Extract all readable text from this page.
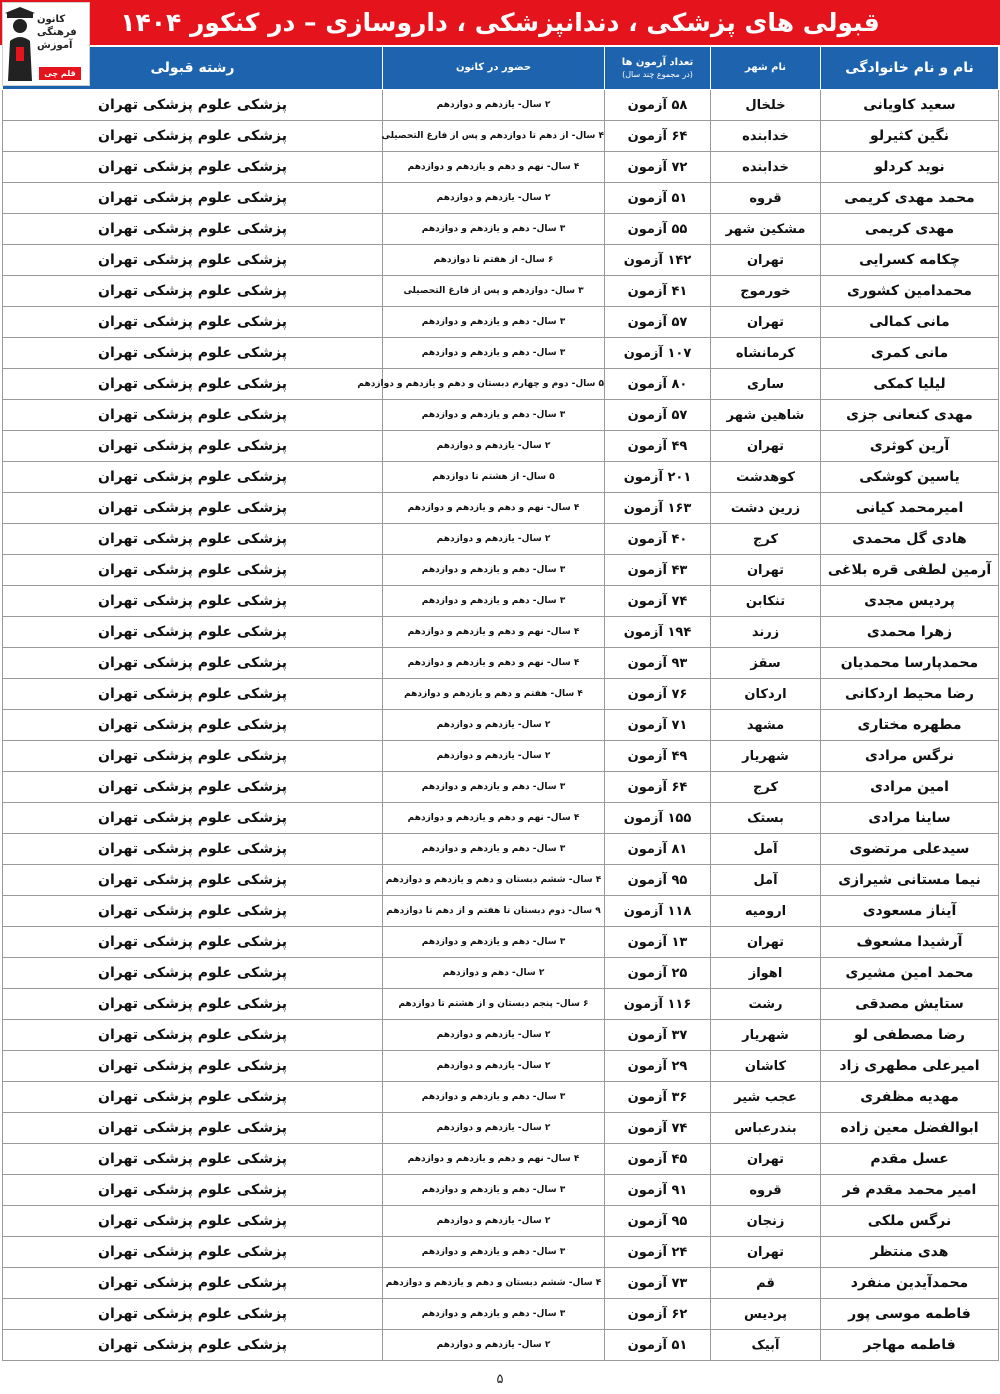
قبولی های پزشکی ، دندانپزشکی ، داروسازی – در کنکور ۱۴۰۴
کانون
فرهنگی
آموزش
قلم چی	نام و نام خانوادگی	نام شهر	تعداد آزمون ها
(در مجموع چند سال)	حضور در کانون	رشته قبولی
سعید کاویانی	خلخال	۵۸ آزمون	۲ سال- یازدهم و دوازدهم	پزشکی علوم پزشکی تهران
نگین کثیرلو	خدابنده	۶۴ آزمون	۴ سال- از دهم تا دوازدهم و پس از فارغ التحصیلی	پزشکی علوم پزشکی تهران
نوید کردلو	خدابنده	۷۲ آزمون	۴ سال- نهم و دهم و یازدهم و دوازدهم	پزشکی علوم پزشکی تهران
محمد مهدی کریمی	قروه	۵۱ آزمون	۲ سال- یازدهم و دوازدهم	پزشکی علوم پزشکی تهران
مهدی کریمی	مشکین شهر	۵۵ آزمون	۳ سال- دهم و یازدهم و دوازدهم	پزشکی علوم پزشکی تهران
چکامه کسرایی	تهران	۱۴۲ آزمون	۶ سال- از هفتم تا دوازدهم	پزشکی علوم پزشکی تهران
محمدامین کشوری	خورموج	۴۱ آزمون	۳ سال- دوازدهم و پس از فارغ التحصیلی	پزشکی علوم پزشکی تهران
مانی کمالی	تهران	۵۷ آزمون	۳ سال- دهم و یازدهم و دوازدهم	پزشکی علوم پزشکی تهران
مانی کمری	کرمانشاه	۱۰۷ آزمون	۳ سال- دهم و یازدهم و دوازدهم	پزشکی علوم پزشکی تهران
لیلیا کمکی	ساری	۸۰ آزمون	۵ سال- دوم و چهارم دبستان و دهم و یازدهم و دوازدهم	پزشکی علوم پزشکی تهران
مهدی کنعانی جزی	شاهین شهر	۵۷ آزمون	۳ سال- دهم و یازدهم و دوازدهم	پزشکی علوم پزشکی تهران
آرین کوثری	تهران	۴۹ آزمون	۲ سال- یازدهم و دوازدهم	پزشکی علوم پزشکی تهران
یاسین کوشکی	کوهدشت	۲۰۱ آزمون	۵ سال- از هشتم تا دوازدهم	پزشکی علوم پزشکی تهران
امیرمحمد کیانی	زرین دشت	۱۶۳ آزمون	۴ سال- نهم و دهم و یازدهم و دوازدهم	پزشکی علوم پزشکی تهران
هادی گل محمدی	کرج	۴۰ آزمون	۲ سال- یازدهم و دوازدهم	پزشکی علوم پزشکی تهران
آرمین لطفی قره بلاغی	تهران	۴۳ آزمون	۳ سال- دهم و یازدهم و دوازدهم	پزشکی علوم پزشکی تهران
پردیس مجدی	تنکابن	۷۴ آزمون	۳ سال- دهم و یازدهم و دوازدهم	پزشکی علوم پزشکی تهران
زهرا محمدی	زرند	۱۹۴ آزمون	۴ سال- نهم و دهم و یازدهم و دوازدهم	پزشکی علوم پزشکی تهران
محمدپارسا محمدیان	سقز	۹۳ آزمون	۴ سال- نهم و دهم و یازدهم و دوازدهم	پزشکی علوم پزشکی تهران
رضا محیط اردکانی	اردکان	۷۶ آزمون	۴ سال- هفتم و دهم و یازدهم و دوازدهم	پزشکی علوم پزشکی تهران
مطهره مختاری	مشهد	۷۱ آزمون	۲ سال- یازدهم و دوازدهم	پزشکی علوم پزشکی تهران
نرگس مرادی	شهریار	۴۹ آزمون	۲ سال- یازدهم و دوازدهم	پزشکی علوم پزشکی تهران
امین مرادی	کرج	۶۴ آزمون	۳ سال- دهم و یازدهم و دوازدهم	پزشکی علوم پزشکی تهران
ساینا مرادی	بستک	۱۵۵ آزمون	۴ سال- نهم و دهم و یازدهم و دوازدهم	پزشکی علوم پزشکی تهران
سیدعلی مرتضوی	آمل	۸۱ آزمون	۳ سال- دهم و یازدهم و دوازدهم	پزشکی علوم پزشکی تهران
نیما مستانی شیرازی	آمل	۹۵ آزمون	۴ سال- ششم دبستان و دهم و یازدهم و دوازدهم	پزشکی علوم پزشکی تهران
آیناز مسعودی	ارومیه	۱۱۸ آزمون	۹ سال- دوم دبستان تا هفتم و از دهم تا دوازدهم	پزشکی علوم پزشکی تهران
آرشیدا مشعوف	تهران	۱۳ آزمون	۳ سال- دهم و یازدهم و دوازدهم	پزشکی علوم پزشکی تهران
محمد امین مشیری	اهواز	۲۵ آزمون	۲ سال- دهم و دوازدهم	پزشکی علوم پزشکی تهران
ستایش مصدقی	رشت	۱۱۶ آزمون	۶ سال- پنجم دبستان و از هشتم تا دوازدهم	پزشکی علوم پزشکی تهران
رضا مصطفی لو	شهریار	۳۷ آزمون	۲ سال- یازدهم و دوازدهم	پزشکی علوم پزشکی تهران
امیرعلی مطهری زاد	کاشان	۲۹ آزمون	۲ سال- یازدهم و دوازدهم	پزشکی علوم پزشکی تهران
مهدیه مظفری	عجب شیر	۳۶ آزمون	۳ سال- دهم و یازدهم و دوازدهم	پزشکی علوم پزشکی تهران
ابوالفضل معین زاده	بندرعباس	۷۴ آزمون	۲ سال- یازدهم و دوازدهم	پزشکی علوم پزشکی تهران
عسل مقدم	تهران	۴۵ آزمون	۴ سال- نهم و دهم و یازدهم و دوازدهم	پزشکی علوم پزشکی تهران
امیر محمد مقدم فر	قروه	۹۱ آزمون	۳ سال- دهم و یازدهم و دوازدهم	پزشکی علوم پزشکی تهران
نرگس ملکی	زنجان	۹۵ آزمون	۲ سال- یازدهم و دوازدهم	پزشکی علوم پزشکی تهران
هدی منتظر	تهران	۲۴ آزمون	۳ سال- دهم و یازدهم و دوازدهم	پزشکی علوم پزشکی تهران
محمدآیدین منفرد	قم	۷۳ آزمون	۴ سال- ششم دبستان و دهم و یازدهم و دوازدهم	پزشکی علوم پزشکی تهران
فاطمه موسی پور	پردیس	۶۲ آزمون	۳ سال- دهم و یازدهم و دوازدهم	پزشکی علوم پزشکی تهران
فاطمه مهاجر	آبیک	۵۱ آزمون	۲ سال- یازدهم و دوازدهم	پزشکی علوم پزشکی تهران
۵
